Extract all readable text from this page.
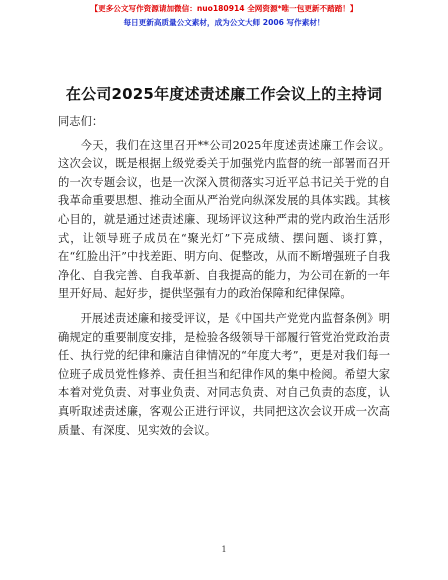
【更多公文写作资源请加微信：nuo180914 全网资源*唯一包更新不踏踏！】
每日更新高质量公文素材，成为公文大师 2006 写作素材！
在公司2025年度述责述廉工作会议上的主持词

同志们：

今天，我们在这里召开**公司2025年度述责述廉工作会议。这次会议，既是根据上级党委关于加强党内监督的统一部署而召开的一次专题会议，也是一次深入贯彻落实习近平总书记关于党的自我革命重要思想、推动全面从严治党向纵深发展的具体实践。其核心目的，就是通过述责述廉、现场评议这种严肃的党内政治生活形式，让领导班子成员在“聚光灯”下亮成绩、摆问题、谈打算，在“红脸出汗”中找差距、明方向、促整改，从而不断增强班子自我净化、自我完善、自我革新、自我提高的能力，为公司在新的一年里开好局、起好步，提供坚强有力的政治保障和纪律保障。

开展述责述廉和接受评议，是《中国共产党党内监督条例》明确规定的重要制度安排，是检验各级领导干部履行管党治党政治责任、执行党的纪律和廉洁自律情况的“年度大考”，更是对我们每一位班子成员党性修养、责任担当和纪律作风的集中检阅。希望大家本着对党负责、对事业负责、对同志负责、对自己负责的态度，认真听取述责述廉，客观公正进行评议，共同把这次会议开成一次高质量、有深度、见实效的会议。

1
